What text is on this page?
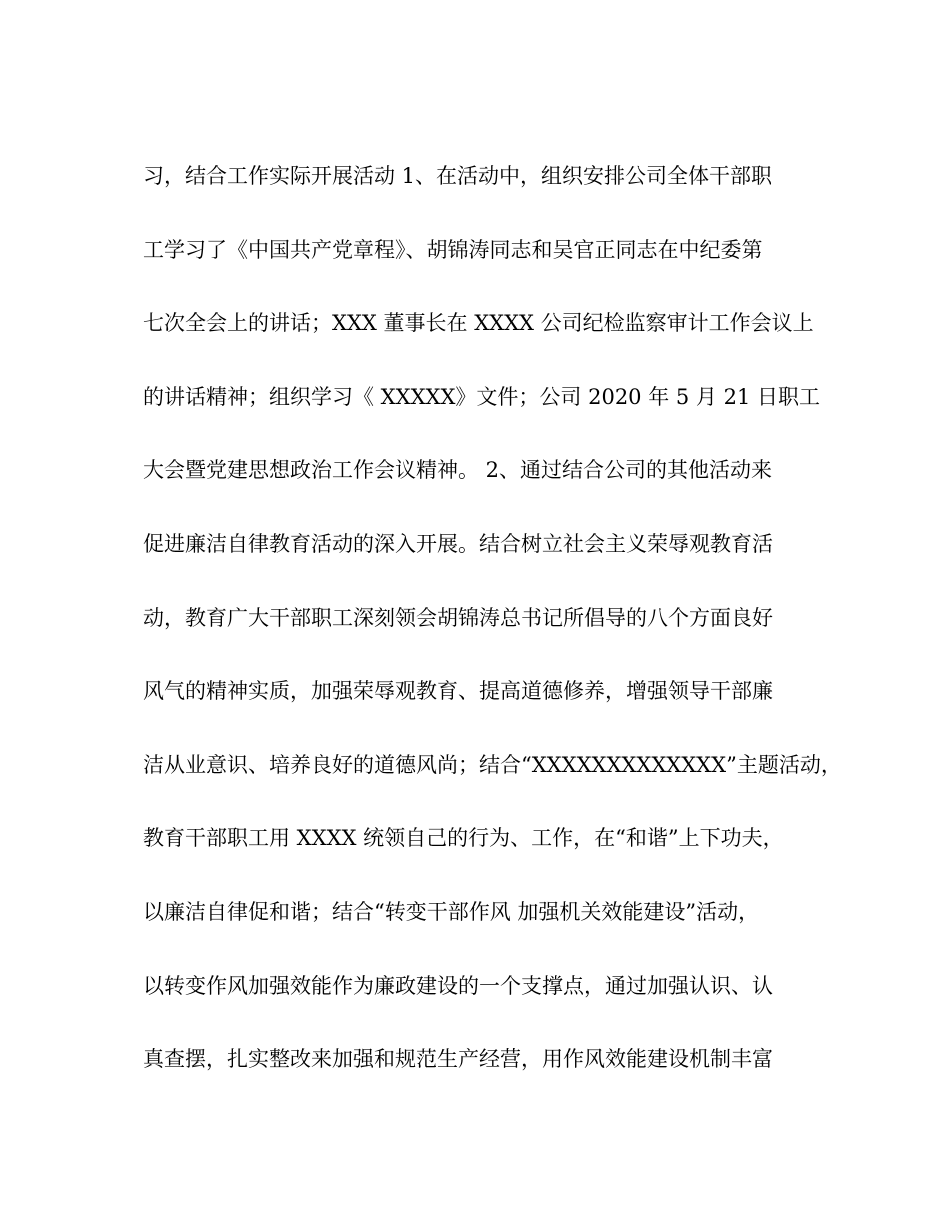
习，结合工作实际开展活动 1、在活动中，组织安排公司全体干部职
工学习了《中国共产党章程》、胡锦涛同志和吴官正同志在中纪委第
七次全会上的讲话；XXX 董事长在 XXXX 公司纪检监察审计工作会议上
的讲话精神；组织学习《 XXXXX》文件；公司 2020 年 5 月 21 日职工
大会暨党建思想政治工作会议精神。 2、通过结合公司的其他活动来
促进廉洁自律教育活动的深入开展。结合树立社会主义荣辱观教育活
动，教育广大干部职工深刻领会胡锦涛总书记所倡导的八个方面良好
风气的精神实质，加强荣辱观教育、提高道德修养，增强领导干部廉
洁从业意识、培养良好的道德风尚；结合“XXXXXXXXXXXXX”主题活动，
教育干部职工用 XXXX 统领自己的行为、工作，在“和谐”上下功夫，
以廉洁自律促和谐；结合“转变干部作风 加强机关效能建设”活动，
以转变作风加强效能作为廉政建设的一个支撑点，通过加强认识、认
真查摆，扎实整改来加强和规范生产经营，用作风效能建设机制丰富
